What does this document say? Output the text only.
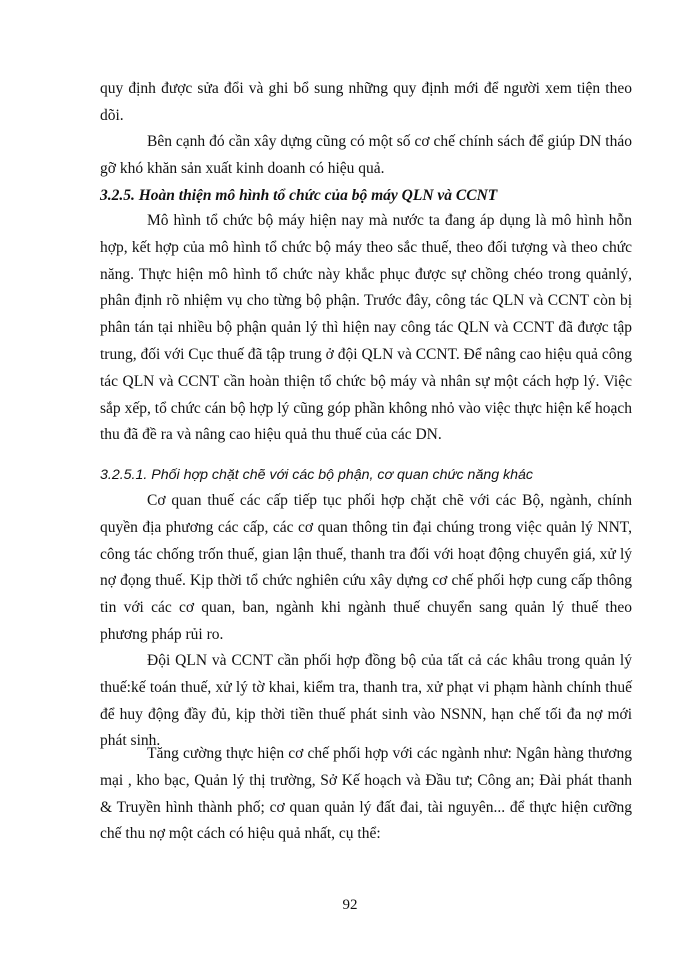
quy định được sửa đổi và ghi bổ sung những quy định mới để người xem tiện theo dõi.

Bên cạnh đó cần xây dựng cũng có một số cơ chế chính sách để giúp DN tháo gỡ khó khăn sản xuất kinh doanh có hiệu quả.

3.2.5. Hoàn thiện mô hình tổ chức của bộ máy QLN và CCNT

Mô hình tổ chức bộ máy hiện nay mà nước ta đang áp dụng là mô hình hỗn hợp, kết hợp của mô hình tổ chức bộ máy theo sắc thuế, theo đối tượng và theo chức năng. Thực hiện mô hình tổ chức này khắc phục được sự chồng chéo trong quảnlý, phân định rõ nhiệm vụ cho từng bộ phận. Trước đây, công tác QLN và CCNT còn bị phân tán tại nhiều bộ phận quản lý thì hiện nay công tác QLN và CCNT đã được tập trung, đối với Cục thuế đã tập trung ở đội QLN và CCNT. Để nâng cao hiệu quả công tác QLN và CCNT cần hoàn thiện tổ chức bộ máy và nhân sự một cách hợp lý. Việc sắp xếp, tổ chức cán bộ hợp lý cũng góp phần không nhỏ vào việc thực hiện kế hoạch thu đã đề ra và nâng cao hiệu quả thu thuế của các DN.

3.2.5.1. Phối hợp chặt chẽ với các bộ phận, cơ quan chức năng khác

Cơ quan thuế các cấp tiếp tục phối hợp chặt chẽ với các Bộ, ngành, chính quyền địa phương các cấp, các cơ quan thông tin đại chúng trong việc quản lý NNT, công tác chống trốn thuế, gian lận thuế, thanh tra đối với hoạt động chuyển giá, xử lý nợ đọng thuế. Kịp thời tổ chức nghiên cứu xây dựng cơ chế phối hợp cung cấp thông tin với các cơ quan, ban, ngành khi ngành thuế chuyển sang quản lý thuế theo phương pháp rủi ro.

Đội QLN và CCNT cần phối hợp đồng bộ của tất cả các khâu trong quản lý thuế:kế toán thuế, xử lý tờ khai, kiểm tra, thanh tra, xử phạt vi phạm hành chính thuế để huy động đầy đủ, kịp thời tiền thuế phát sinh vào NSNN, hạn chế tối đa nợ mới phát sinh.

Tăng cường thực hiện cơ chế phối hợp với các ngành như: Ngân hàng thương mại , kho bạc, Quản lý thị trường, Sở Kế hoạch và Đầu tư; Công an; Đài phát thanh & Truyền hình thành phố; cơ quan quản lý đất đai, tài nguyên... để thực hiện cưỡng chế thu nợ một cách có hiệu quả nhất, cụ thể:

92
